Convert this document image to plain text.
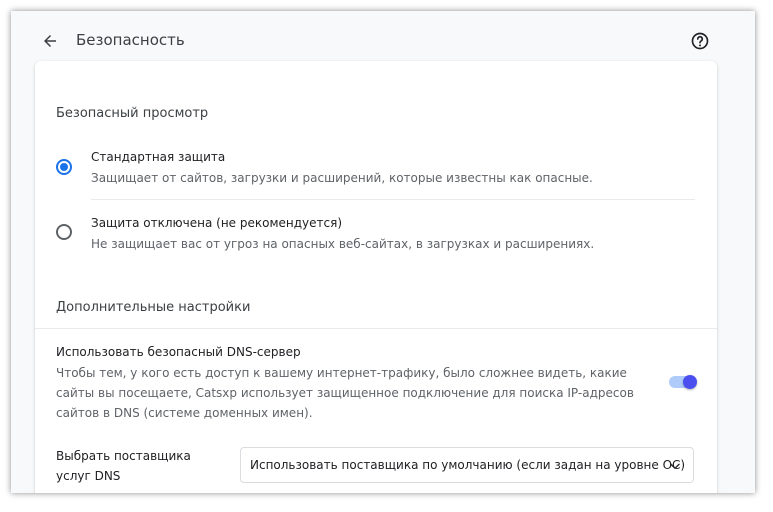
Безопасность
Безопасный просмотр
Стандартная защита
Защищает от сайтов, загрузки и расширений, которые известны как опасные.
Защита отключена (не рекомендуется)
Не защищает вас от угроз на опасных веб-сайтах, в загрузках и расширениях.
Дополнительные настройки
Использовать безопасный DNS-сервер
Чтобы тем, у кого есть доступ к вашему интернет-трафику, было сложнее видеть, какие сайты вы посещаете, Catsxp использует защищенное подключение для поиска IP-адресов сайтов в DNS (системе доменных имен).
Выбрать поставщика услуг DNS
Использовать поставщика по умолчанию (если задан на уровне ОС)
